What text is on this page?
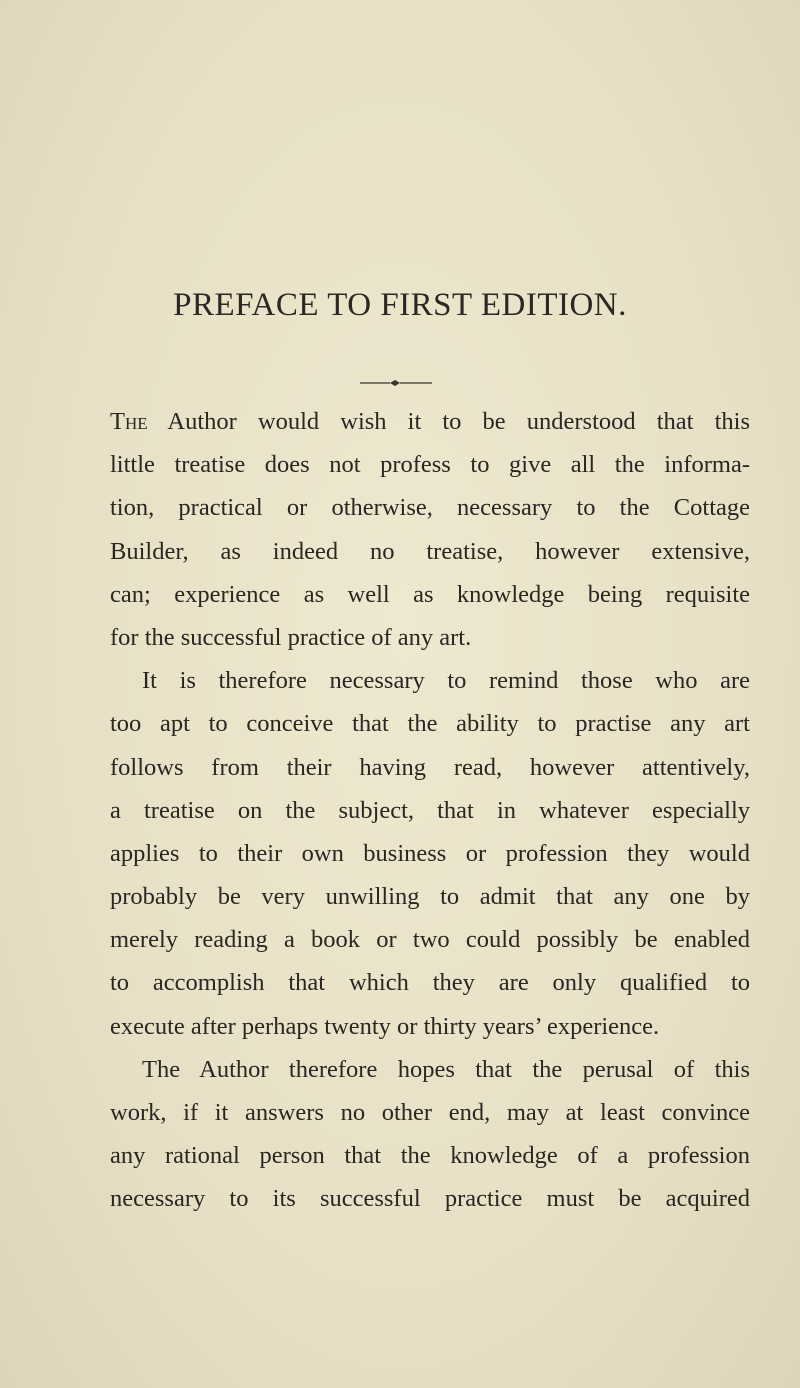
PREFACE TO FIRST EDITION.
The Author would wish it to be understood that this
little treatise does not profess to give all the informa-
tion, practical or otherwise, necessary to the Cottage
Builder, as indeed no treatise, however extensive,
can; experience as well as knowledge being requisite
for the successful practice of any art.
It is therefore necessary to remind those who are
too apt to conceive that the ability to practise any art
follows from their having read, however attentively,
a treatise on the subject, that in whatever especially
applies to their own business or profession they would
probably be very unwilling to admit that any one by
merely reading a book or two could possibly be enabled
to accomplish that which they are only qualified to
execute after perhaps twenty or thirty years’ experience.
The Author therefore hopes that the perusal of this
work, if it answers no other end, may at least convince
any rational person that the knowledge of a profession
necessary to its successful practice must be acquired
